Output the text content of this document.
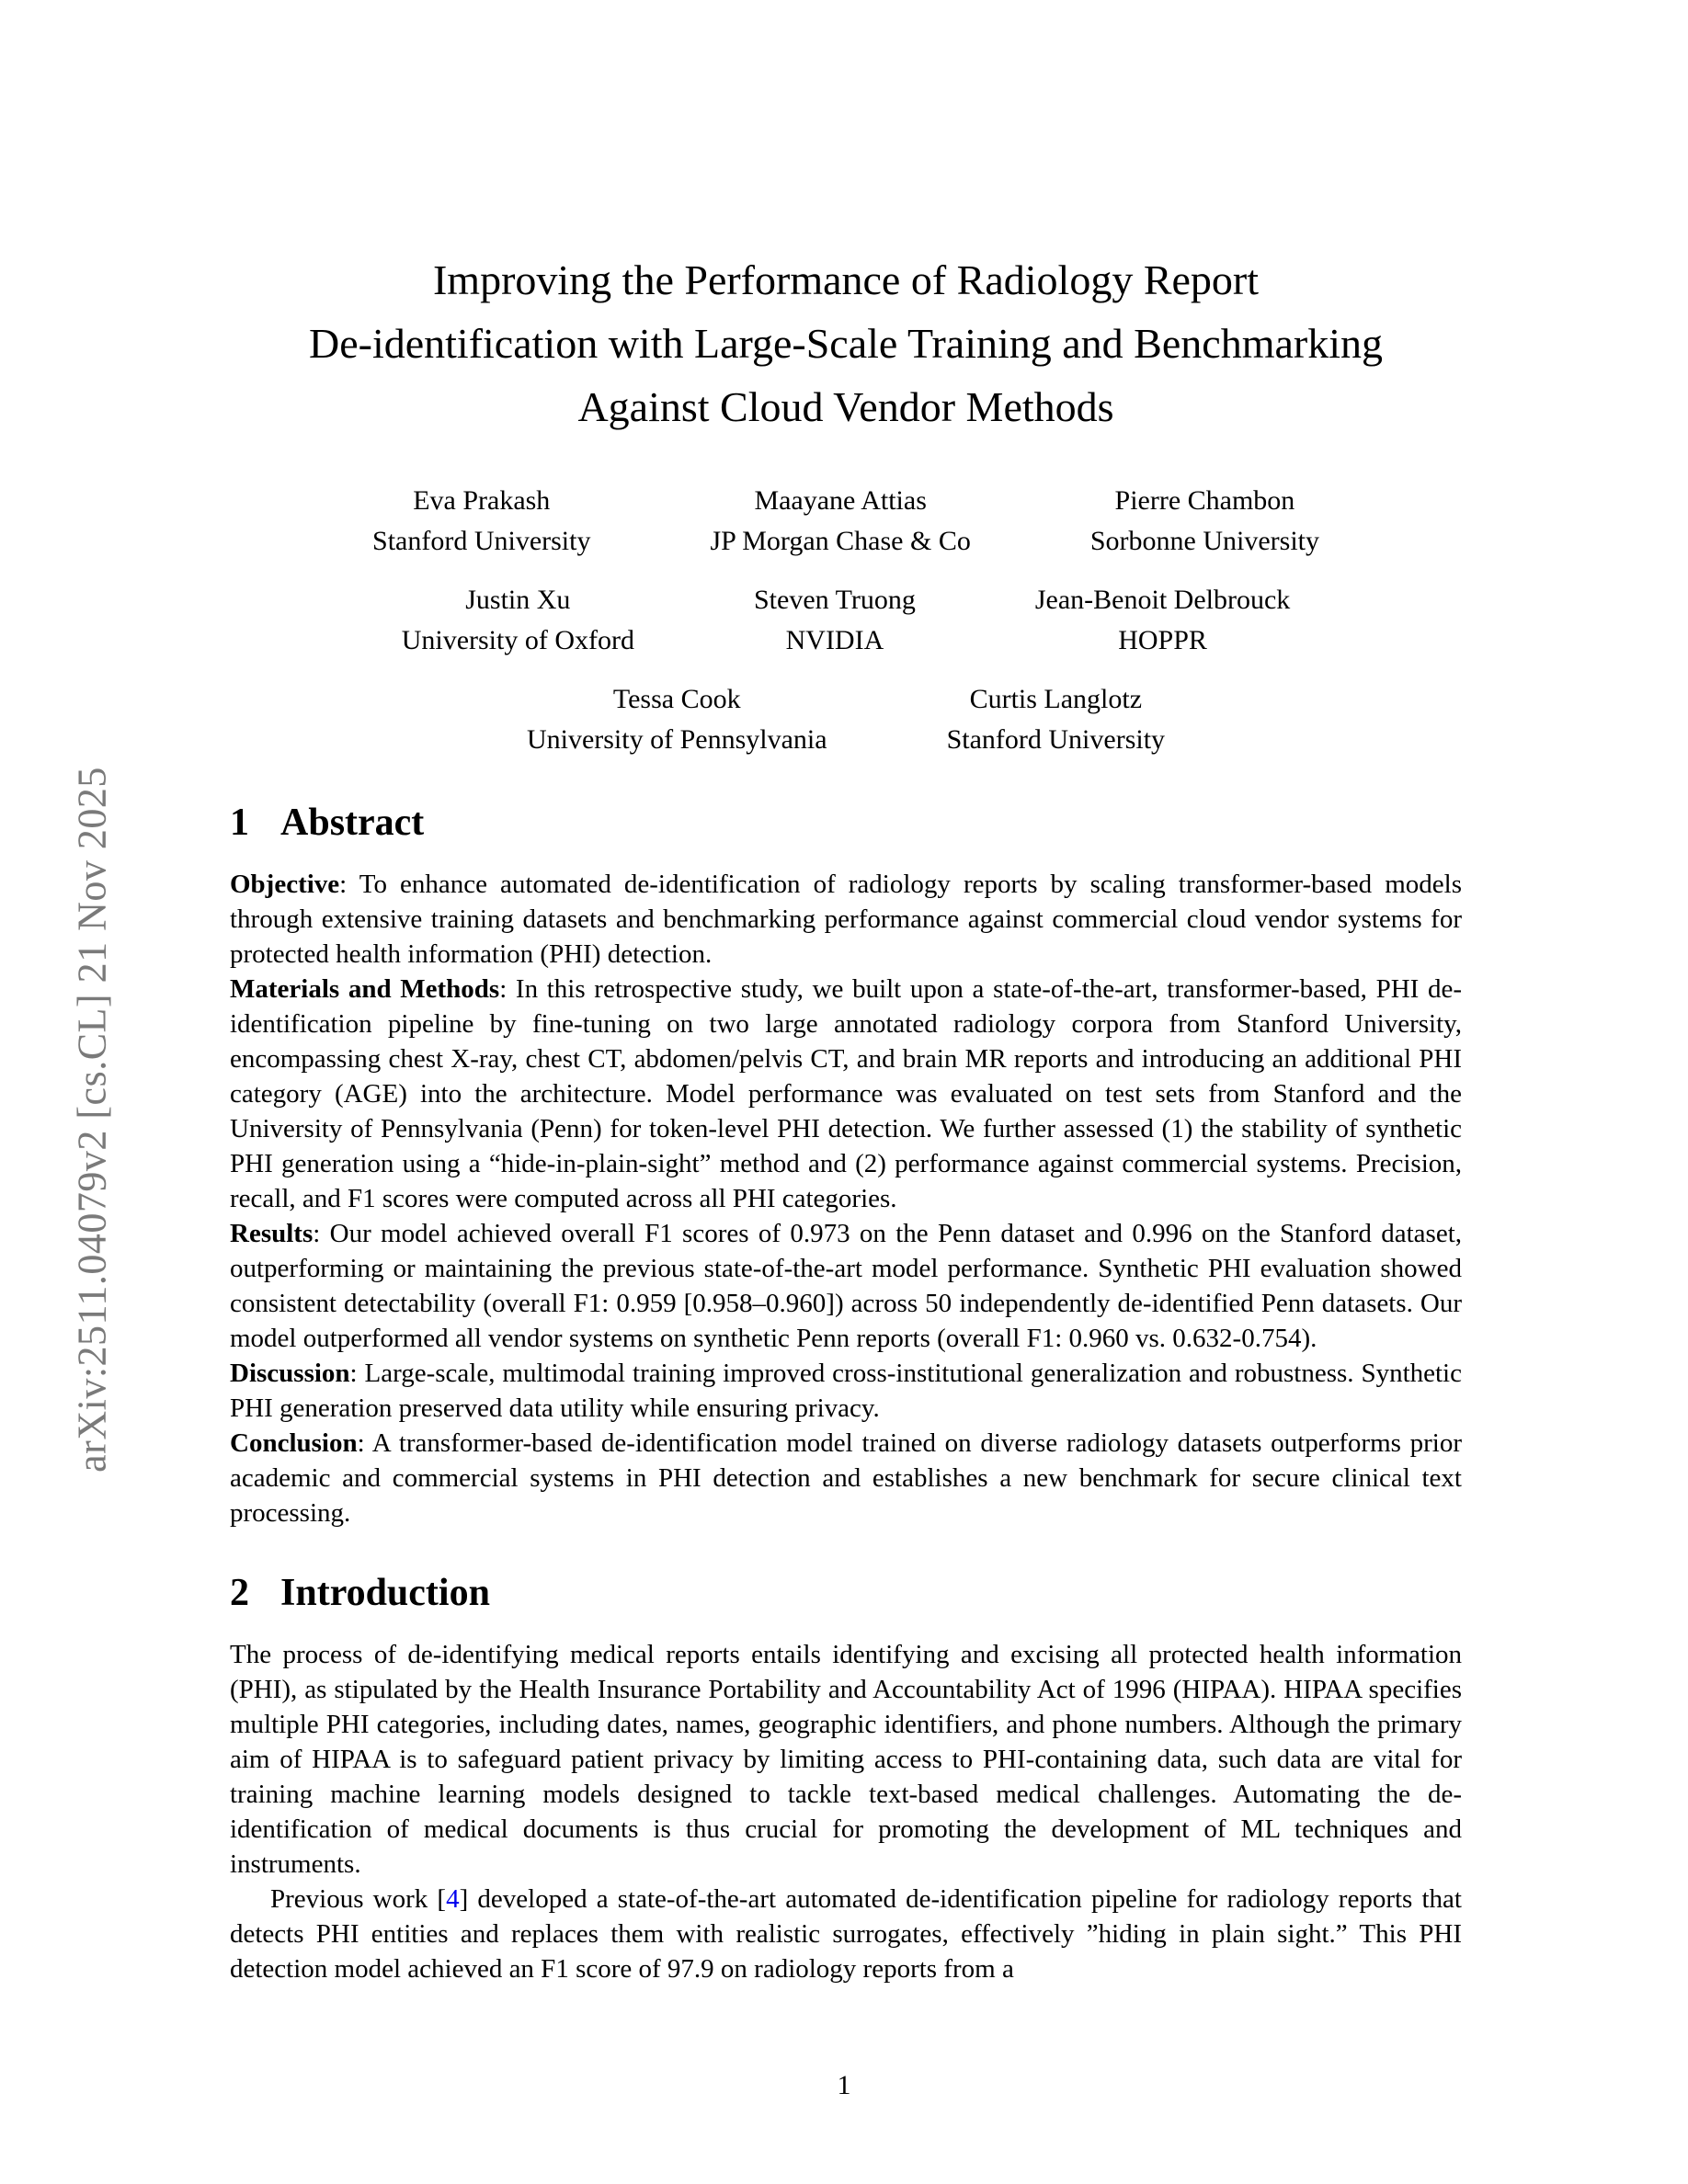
arXiv:2511.04079v2 [cs.CL] 21 Nov 2025
Improving the Performance of Radiology Report
De-identification with Large-Scale Training and Benchmarking
Against Cloud Vendor Methods
Eva Prakash
Stanford University
Maayane Attias
JP Morgan Chase & Co
Pierre Chambon
Sorbonne University
Justin Xu
University of Oxford
Steven Truong
NVIDIA
Jean-Benoit Delbrouck
HOPPR
Tessa Cook
University of Pennsylvania
Curtis Langlotz
Stanford University
1 Abstract

Objective: To enhance automated de-identification of radiology reports by scaling transformer-based models through extensive training datasets and benchmarking performance against commercial cloud vendor systems for protected health information (PHI) detection.

Materials and Methods: In this retrospective study, we built upon a state-of-the-art, transformer-based, PHI de-identification pipeline by fine-tuning on two large annotated radiology corpora from Stanford University, encompassing chest X-ray, chest CT, abdomen/pelvis CT, and brain MR reports and introducing an additional PHI category (AGE) into the architecture. Model performance was evaluated on test sets from Stanford and the University of Pennsylvania (Penn) for token-level PHI detection. We further assessed (1) the stability of synthetic PHI generation using a “hide-in-plain-sight” method and (2) performance against commercial systems. Precision, recall, and F1 scores were computed across all PHI categories.

Results: Our model achieved overall F1 scores of 0.973 on the Penn dataset and 0.996 on the Stanford dataset, outperforming or maintaining the previous state-of-the-art model performance. Synthetic PHI evaluation showed consistent detectability (overall F1: 0.959 [0.958–0.960]) across 50 independently de-identified Penn datasets. Our model outperformed all vendor systems on synthetic Penn reports (overall F1: 0.960 vs. 0.632-0.754).

Discussion: Large-scale, multimodal training improved cross-institutional generalization and robustness. Synthetic PHI generation preserved data utility while ensuring privacy.

Conclusion: A transformer-based de-identification model trained on diverse radiology datasets outperforms prior academic and commercial systems in PHI detection and establishes a new benchmark for secure clinical text processing.

2 Introduction

The process of de-identifying medical reports entails identifying and excising all protected health information (PHI), as stipulated by the Health Insurance Portability and Accountability Act of 1996 (HIPAA). HIPAA specifies multiple PHI categories, including dates, names, geographic identifiers, and phone numbers. Although the primary aim of HIPAA is to safeguard patient privacy by limiting access to PHI-containing data, such data are vital for training machine learning models designed to tackle text-based medical challenges. Automating the de-identification of medical documents is thus crucial for promoting the development of ML techniques and instruments.

Previous work [4] developed a state-of-the-art automated de-identification pipeline for radiology reports that detects PHI entities and replaces them with realistic surrogates, effectively ”hiding in plain sight.” This PHI detection model achieved an F1 score of 97.9 on radiology reports from a

1
